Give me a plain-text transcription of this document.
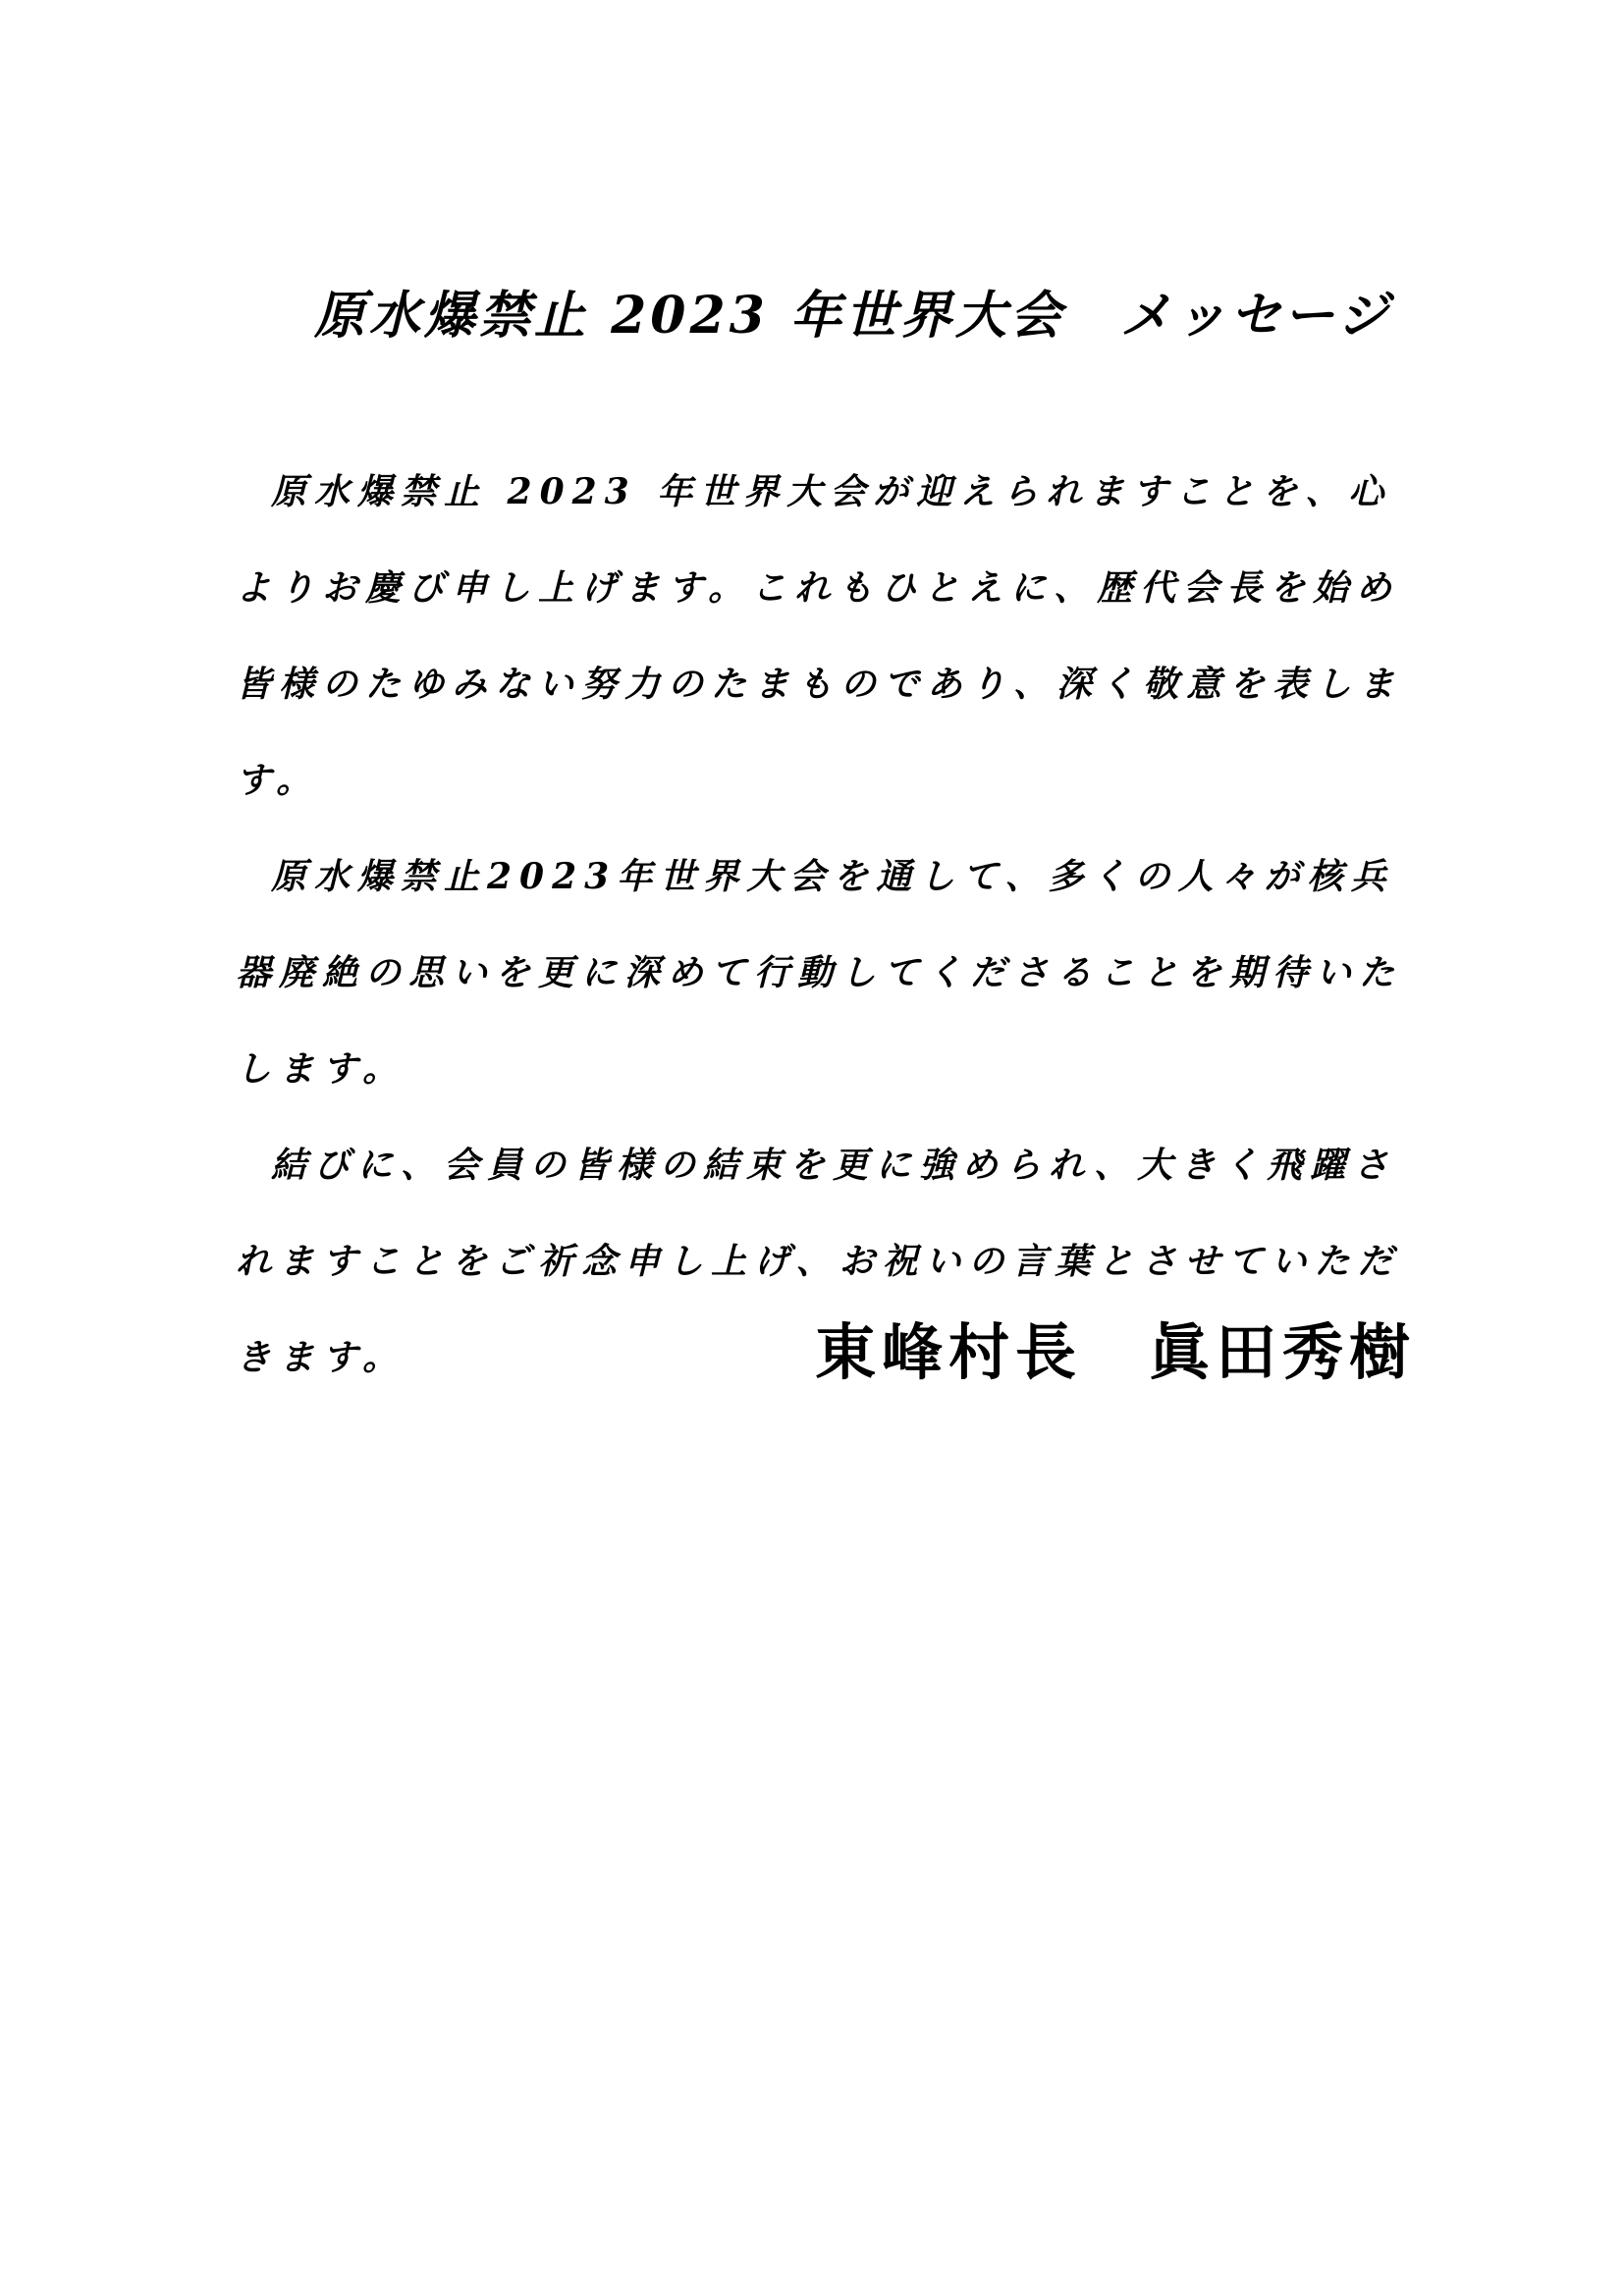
原水爆禁止 2023 年世界大会　メッセージ

原水爆禁止 2023 年世界大会が迎えられますことを、心よりお慶び申し上げます。これもひとえに、歴代会長を始め皆様のたゆみない努力のたまものであり、深く敬意を表します。

原水爆禁止2023年世界大会を通して、多くの人々が核兵器廃絶の思いを更に深めて行動してくださることを期待いたします。

結びに、会員の皆様の結束を更に強められ、大きく飛躍されますことをご祈念申し上げ、お祝いの言葉とさせていただきます。	東峰村長　眞田秀樹
